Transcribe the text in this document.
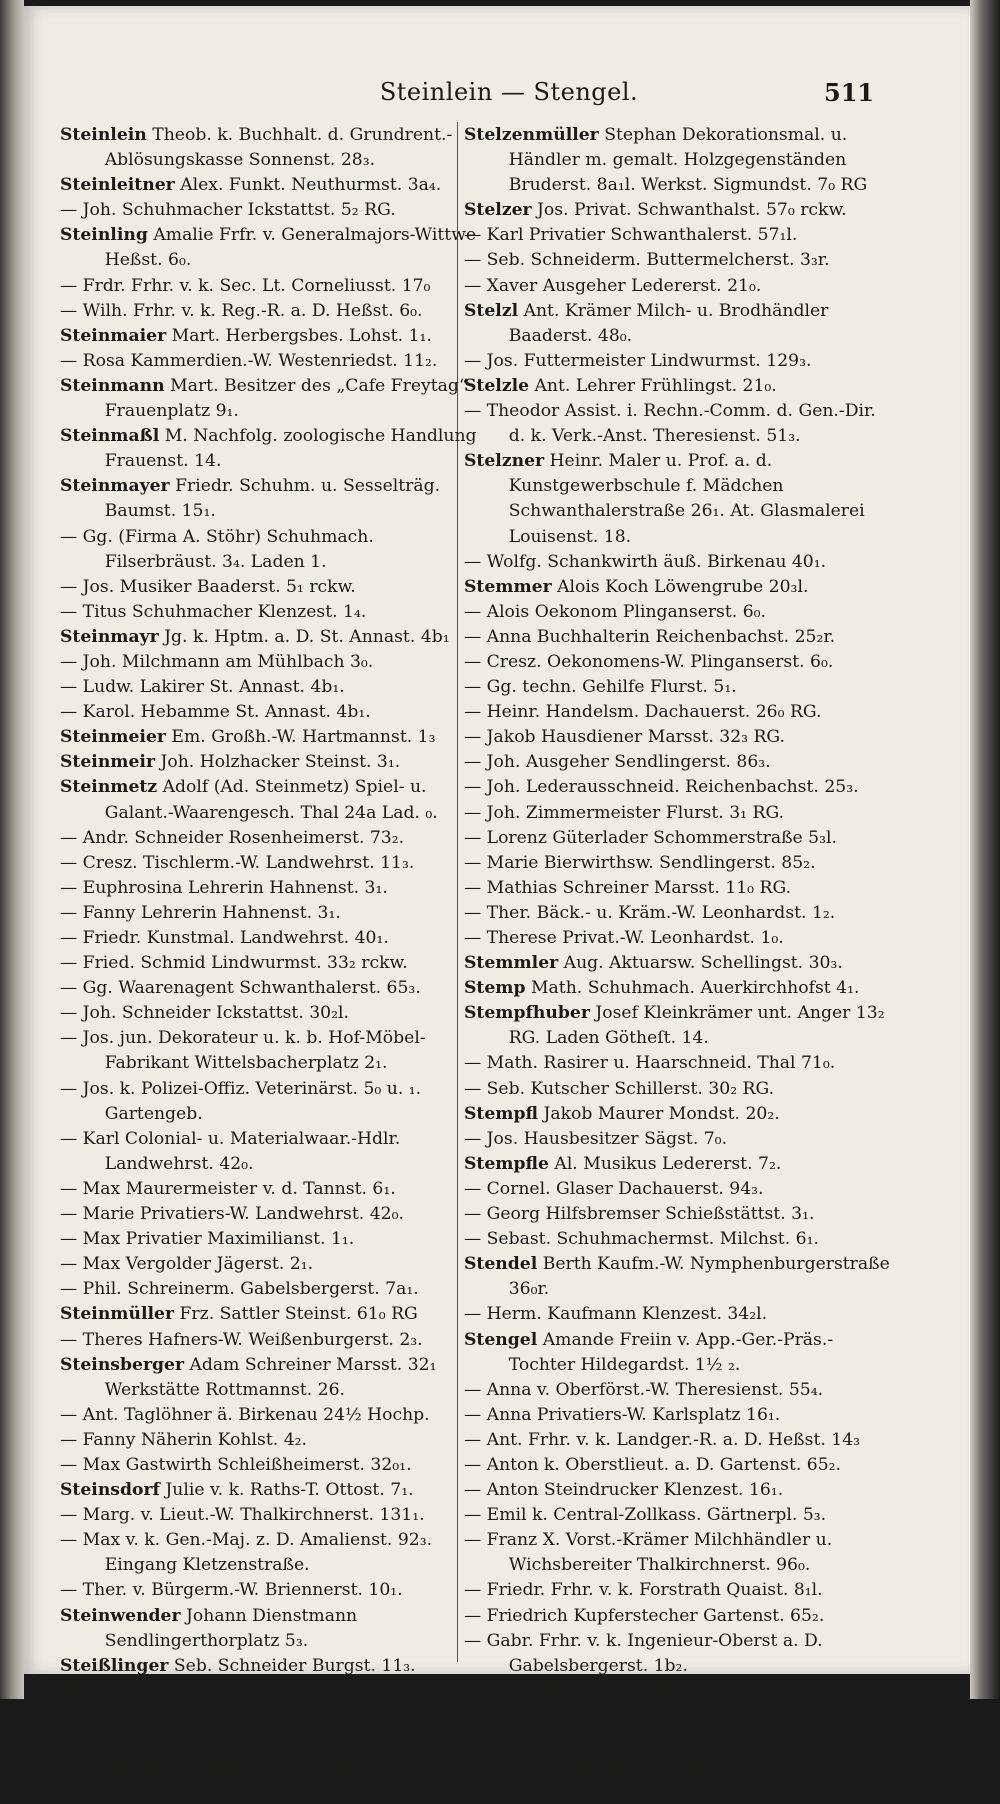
Steinlein — Stengel.	511

Steinlein Theob. k. Buchhalt. d. Grundrent.-Ablösungskasse Sonnenst. 28₃.

Steinleitner Alex. Funkt. Neuthurmst. 3a₄.

— Joh. Schuhmacher Ickstattst. 5₂ RG.

Steinling Amalie Frfr. v. Generalmajors-Wittwe Heßst. 6₀.

— Frdr. Frhr. v. k. Sec. Lt. Corneliusst. 17₀

— Wilh. Frhr. v. k. Reg.-R. a. D. Heßst. 6₀.

Steinmaier Mart. Herbergsbes. Lohst. 1₁.

— Rosa Kammerdien.-W. Westenriedst. 11₂.

Steinmann Mart. Besitzer des „Cafe Freytag“ Frauenplatz 9₁.

Steinmaßl M. Nachfolg. zoologische Handlung Frauenst. 14.

Steinmayer Friedr. Schuhm. u. Sesselträg. Baumst. 15₁.

— Gg. (Firma A. Stöhr) Schuhmach. Filserbräust. 3₄. Laden 1.

— Jos. Musiker Baaderst. 5₁ rckw.

— Titus Schuhmacher Klenzest. 1₄.

Steinmayr Jg. k. Hptm. a. D. St. Annast. 4b₁

— Joh. Milchmann am Mühlbach 3₀.

— Ludw. Lakirer St. Annast. 4b₁.

— Karol. Hebamme St. Annast. 4b₁.

Steinmeier Em. Großh.-W. Hartmannst. 1₃

Steinmeir Joh. Holzhacker Steinst. 3₁.

Steinmetz Adolf (Ad. Steinmetz) Spiel- u. Galant.-Waarengesch. Thal 24a Lad. ₀.

— Andr. Schneider Rosenheimerst. 73₂.

— Cresz. Tischlerm.-W. Landwehrst. 11₃.

— Euphrosina Lehrerin Hahnenst. 3₁.

— Fanny Lehrerin Hahnenst. 3₁.

— Friedr. Kunstmal. Landwehrst. 40₁.

— Fried. Schmid Lindwurmst. 33₂ rckw.

— Gg. Waarenagent Schwanthalerst. 65₃.

— Joh. Schneider Ickstattst. 30₂l.

— Jos. jun. Dekorateur u. k. b. Hof-Möbel-Fabrikant Wittelsbacherplatz 2₁.

— Jos. k. Polizei-Offiz. Veterinärst. 5₀ u. ₁. Gartengeb.

— Karl Colonial- u. Materialwaar.-Hdlr. Landwehrst. 42₀.

— Max Maurermeister v. d. Tannst. 6₁.

— Marie Privatiers-W. Landwehrst. 42₀.

— Max Privatier Maximilianst. 1₁.

— Max Vergolder Jägerst. 2₁.

— Phil. Schreinerm. Gabelsbergerst. 7a₁.

Steinmüller Frz. Sattler Steinst. 61₀ RG

— Theres Hafners-W. Weißenburgerst. 2₃.

Steinsberger Adam Schreiner Marsst. 32₁ Werkstätte Rottmannst. 26.

— Ant. Taglöhner ä. Birkenau 24½ Hochp.

— Fanny Näherin Kohlst. 4₂.

— Max Gastwirth Schleißheimerst. 32₀₁.

Steinsdorf Julie v. k. Raths-T. Ottost. 7₁.

— Marg. v. Lieut.-W. Thalkirchnerst. 131₁.

— Max v. k. Gen.-Maj. z. D. Amalienst. 92₃. Eingang Kletzenstraße.

— Ther. v. Bürgerm.-W. Briennerst. 10₁.

Steinwender Johann Dienstmann Sendlingerthorplatz 5₃.

Steißlinger Seb. Schneider Burgst. 11₃.

Stellner Joh. Maler Senefelderst. 6₄.

Stellwaag Karl k. Obförst. a. D. Therest. 25₃

Stellwag Joh. Privatier Götheſt. 40₂.

— Kasp. Spezereihdl. Gabelsbergerst. 55₀.

Stelzenmüller Stephan Dekorationsmal. u. Händler m. gemalt. Holzgegenständen Bruderst. 8a₁l. Werkst. Sigmundst. 7₀ RG

Stelzer Jos. Privat. Schwanthalst. 57₀ rckw.

— Karl Privatier Schwanthalerst. 57₁l.

— Seb. Schneiderm. Buttermelcherst. 3₃r.

— Xaver Ausgeher Ledererst. 21₀.

Stelzl Ant. Krämer Milch- u. Brodhändler Baaderst. 48₀.

— Jos. Futtermeister Lindwurmst. 129₃.

Stelzle Ant. Lehrer Frühlingst. 21₀.

— Theodor Assist. i. Rechn.-Comm. d. Gen.-Dir. d. k. Verk.-Anst. Theresienst. 51₃.

Stelzner Heinr. Maler u. Prof. a. d. Kunstgewerbschule f. Mädchen Schwanthalerstraße 26₁. At. Glasmalerei Louisenst. 18.

— Wolfg. Schankwirth äuß. Birkenau 40₁.

Stemmer Alois Koch Löwengrube 20₃l.

— Alois Oekonom Plinganserst. 6₀.

— Anna Buchhalterin Reichenbachst. 25₂r.

— Cresz. Oekonomens-W. Plinganserst. 6₀.

— Gg. techn. Gehilfe Flurst. 5₁.

— Heinr. Handelsm. Dachauerst. 26₀ RG.

— Jakob Hausdiener Marsst. 32₃ RG.

— Joh. Ausgeher Sendlingerst. 86₃.

— Joh. Lederausschneid. Reichenbachst. 25₃.

— Joh. Zimmermeister Flurst. 3₁ RG.

— Lorenz Güterlader Schommerstraße 5₃l.

— Marie Bierwirthsw. Sendlingerst. 85₂.

— Mathias Schreiner Marsst. 11₀ RG.

— Ther. Bäck.- u. Kräm.-W. Leonhardst. 1₂.

— Therese Privat.-W. Leonhardst. 1₀.

Stemmler Aug. Aktuarsw. Schellingst. 30₃.

Stemp Math. Schuhmach. Auerkirchhofst 4₁.

Stempfhuber Josef Kleinkrämer unt. Anger 13₂ RG. Laden Götheſt. 14.

— Math. Rasirer u. Haarschneid. Thal 71₀.

— Seb. Kutscher Schillerst. 30₂ RG.

Stempfl Jakob Maurer Mondst. 20₂.

— Jos. Hausbesitzer Sägst. 7₀.

Stempfle Al. Musikus Ledererst. 7₂.

— Cornel. Glaser Dachauerst. 94₃.

— Georg Hilfsbremser Schießstättst. 3₁.

— Sebast. Schuhmachermst. Milchst. 6₁.

Stendel Berth Kaufm.-W. Nymphenburgerstraße 36₀r.

— Herm. Kaufmann Klenzest. 34₂l.

Stengel Amande Freiin v. App.-Ger.-Präs.-Tochter Hildegardst. 1½ ₂.

— Anna v. Oberförst.-W. Theresienst. 55₄.

— Anna Privatiers-W. Karlsplatz 16₁.

— Ant. Frhr. v. k. Landger.-R. a. D. Heßst. 14₃

— Anton k. Oberstlieut. a. D. Gartenst. 65₂.

— Anton Steindrucker Klenzest. 16₁.

— Emil k. Central-Zollkass. Gärtnerpl. 5₃.

— Franz X. Vorst.-Krämer Milchhändler u. Wichsbereiter Thalkirchnerst. 96₀.

— Friedr. Frhr. v. k. Forstrath Quaist. 8₁l.

— Friedrich Kupferstecher Gartenst. 65₂.

— Gabr. Frhr. v. k. Ingenieur-Oberst a. D. Gabelsbergerst. 1b₂.

— Georg Frhr. v. k. b. Hauptmann z. D. u. Begleiter Sr. K. H. d. Prinzen Otto von Bayern Amalienst. 58₁ RG.

— Heinr. Bankexpeditor Adalbertst. 34₀.

— Jos. Eisengießer Mühlst. 14₁.
